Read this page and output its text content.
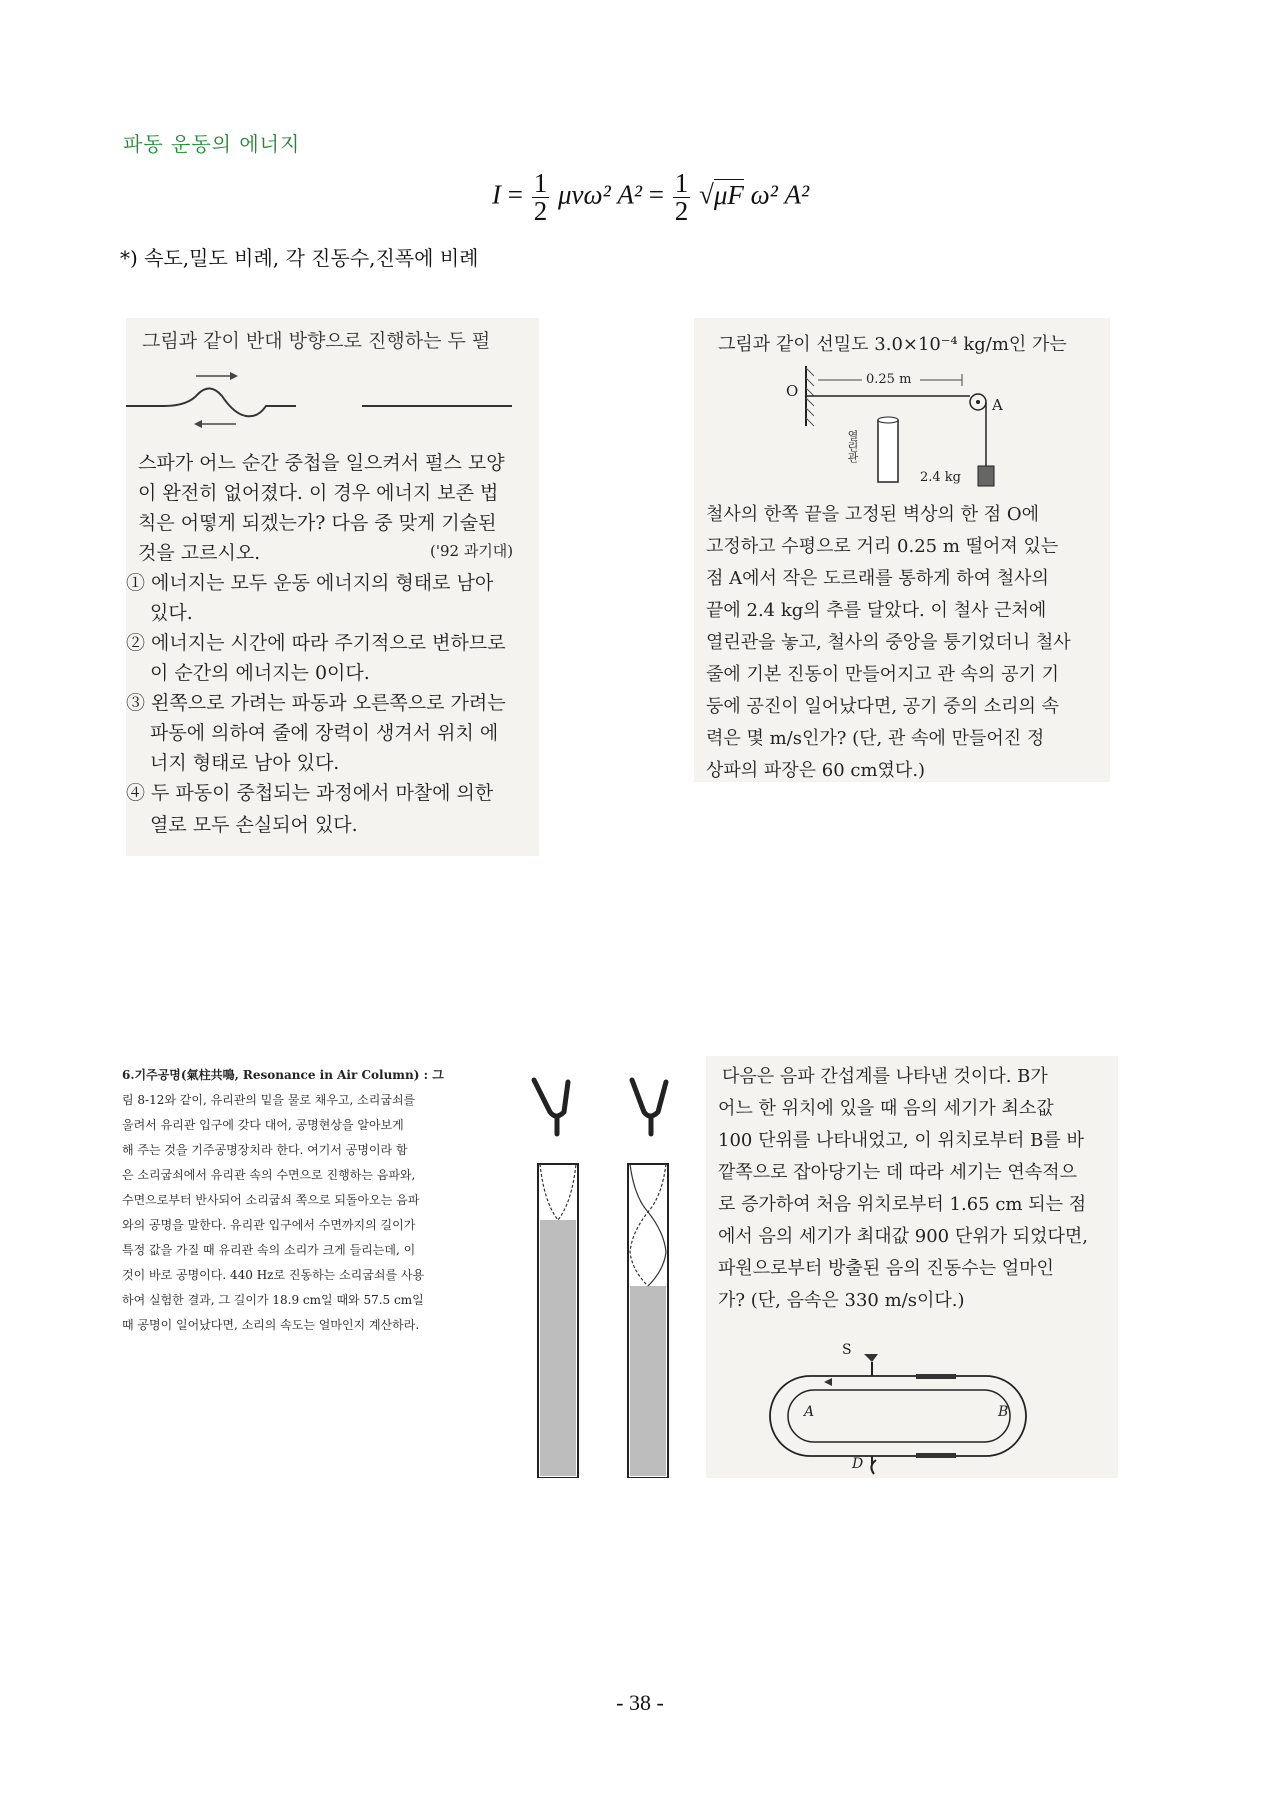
파동 운동의 에너지
$I = \frac{1}{2} \mu v\omega^2$ $A^2 = \frac{1}{2} √\mu F$ ω² A²
*) 속도,밀도 비례, 각 진동수,진폭에 비례
그림과 같이 반대 방향으로 진행하는 두 펄
스파가 어느 순간 중첩을 일으켜서 펄스 모양
이 완전히 없어졌다. 이 경우 에너지 보존 법
칙은 어떻게 되겠는가? 다음 중 맞게 기술된
것을 고르시오.	('92 과기대)
① 에너지는 모두 운동 에너지의 형태로 남아
있다.
② 에너지는 시간에 따라 주기적으로 변하므로
이 순간의 에너지는 0이다.
③ 왼쪽으로 가려는 파동과 오른쪽으로 가려는
파동에 의하여 줄에 장력이 생겨서 위치 에
너지 형태로 남아 있다.
④ 두 파동이 중첩되는 과정에서 마찰에 의한
열로 모두 손실되어 있다.
그림과 같이 선밀도 3.0×10⁻⁴ kg/m인 가는
O
A
0.25 m
열린관
2.4 kg
철사의 한쪽 끝을 고정된 벽상의 한 점 O에
고정하고 수평으로 거리 0.25 m 떨어져 있는
점 A에서 작은 도르래를 통하게 하여 철사의
끝에 2.4 kg의 추를 달았다. 이 철사 근처에
열린관을 놓고, 철사의 중앙을 퉁기었더니 철사
줄에 기본 진동이 만들어지고 관 속의 공기 기
둥에 공진이 일어났다면, 공기 중의 소리의 속
력은 몇 m/s인가? (단, 관 속에 만들어진 정
상파의 파장은 60 cm였다.)
6.기주공명(氣柱共鳴, Resonance in Air Column) : 그
림 8-12와 같이, 유리관의 밑을 물로 채우고, 소리굽쇠를
울려서 유리관 입구에 갖다 대어, 공명현상을 알아보게
해 주는 것을 기주공명장치라 한다. 여기서 공명이라 함
은 소리굽쇠에서 유리관 속의 수면으로 진행하는 음파와,
수면으로부터 반사되어 소리굽쇠 쪽으로 되돌아오는 음파
와의 공명을 말한다. 유리관 입구에서 수면까지의 길이가
특정 값을 가질 때 유리관 속의 소리가 크게 들리는데, 이
것이 바로 공명이다. 440 Hz로 진동하는 소리굽쇠를 사용
하여 실험한 결과, 그 길이가 18.9 cm일 때와 57.5 cm일
때 공명이 일어났다면, 소리의 속도는 얼마인지 계산하라.
다음은 음파 간섭계를 나타낸 것이다. B가
어느 한 위치에 있을 때 음의 세기가 최소값
100 단위를 나타내었고, 이 위치로부터 B를 바
깥쪽으로 잡아당기는 데 따라 세기는 연속적으
로 증가하여 처음 위치로부터 1.65 cm 되는 점
에서 음의 세기가 최대값 900 단위가 되었다면,
파원으로부터 방출된 음의 진동수는 얼마인
가? (단, 음속은 330 m/s이다.)
S
A	B
D
- 38 -
